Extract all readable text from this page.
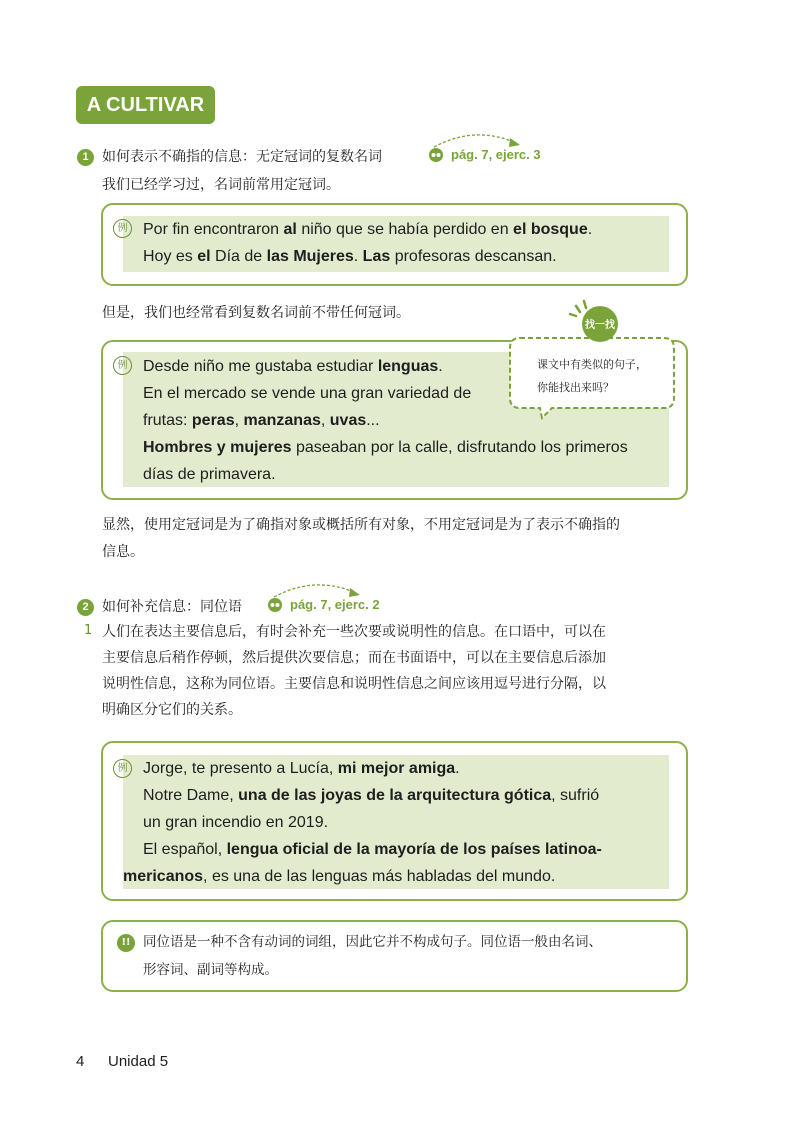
A CULTIVAR
1 如何表示不确指的信息：无定冠词的复数名词	pág. 7, ejerc. 3
我们已经学习过，名词前常用定冠词。
例 Por fin encontraron al niño que se había perdido en el bosque.
Hoy es el Día de las Mujeres. Las profesoras descansan.
但是，我们也经常看到复数名词前不带任何冠词。
例 Desde niño me gustaba estudiar lenguas.
En el mercado se vende una gran variedad de
frutas: peras, manzanas, uvas...
Hombres y mujeres paseaban por la calle, disfrutando los primeros
días de primavera.
找一找
课文中有类似的句子，
你能找出来吗？
显然，使用定冠词是为了确指对象或概括所有对象，不用定冠词是为了表示不确指的
信息。
2 如何补充信息：同位语	pág. 7, ejerc. 2
1 人们在表达主要信息后，有时会补充一些次要或说明性的信息。在口语中，可以在
主要信息后稍作停顿，然后提供次要信息；而在书面语中，可以在主要信息后添加
说明性信息，这称为同位语。主要信息和说明性信息之间应该用逗号进行分隔，以
明确区分它们的关系。
例 Jorge, te presento a Lucía, mi mejor amiga.
Notre Dame, una de las joyas de la arquitectura gótica, sufrió
un gran incendio en 2019.
El español, lengua oficial de la mayoría de los países latinoa-
mericanos, es una de las lenguas más habladas del mundo.
!! 同位语是一种不含有动词的词组，因此它并不构成句子。同位语一般由名词、
形容词、副词等构成。
4 Unidad 5
